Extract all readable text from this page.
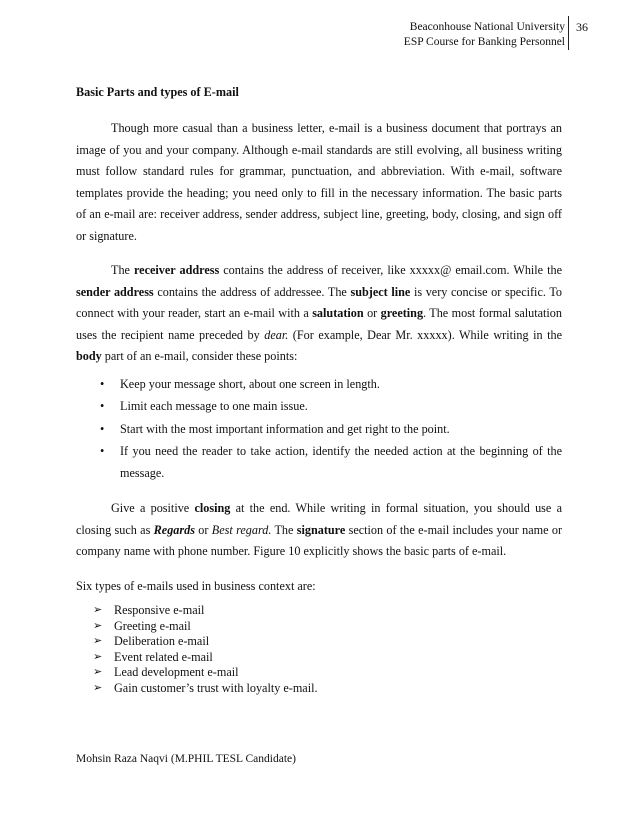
Beaconhouse National University
ESP Course for Banking Personnel
36
Basic Parts and types of E-mail

Though more casual than a business letter, e-mail is a business document that portrays an image of you and your company. Although e-mail standards are still evolving, all business writing must follow standard rules for grammar, punctuation, and abbreviation. With e-mail, software templates provide the heading; you need only to fill in the necessary information. The basic parts of an e-mail are: receiver address, sender address, subject line, greeting, body, closing, and sign off or signature.

The receiver address contains the address of receiver, like xxxxx@ email.com. While the sender address contains the address of addressee. The subject line is very concise or specific. To connect with your reader, start an e-mail with a salutation or greeting. The most formal salutation uses the recipient name preceded by dear. (For example, Dear Mr. xxxxx). While writing in the body part of an e-mail, consider these points:

• Keep your message short, about one screen in length.
• Limit each message to one main issue.
• Start with the most important information and get right to the point.
• If you need the reader to take action, identify the needed action at the beginning of the message.

Give a positive closing at the end. While writing in formal situation, you should use a closing such as Regards or Best regard. The signature section of the e-mail includes your name or company name with phone number. Figure 10 explicitly shows the basic parts of e-mail.

Six types of e-mails used in business context are:

➢ Responsive e-mail
➢ Greeting e-mail
➢ Deliberation e-mail
➢ Event related e-mail
➢ Lead development e-mail
➢ Gain customer’s trust with loyalty e-mail.
Mohsin Raza Naqvi (M.PHIL TESL Candidate)
